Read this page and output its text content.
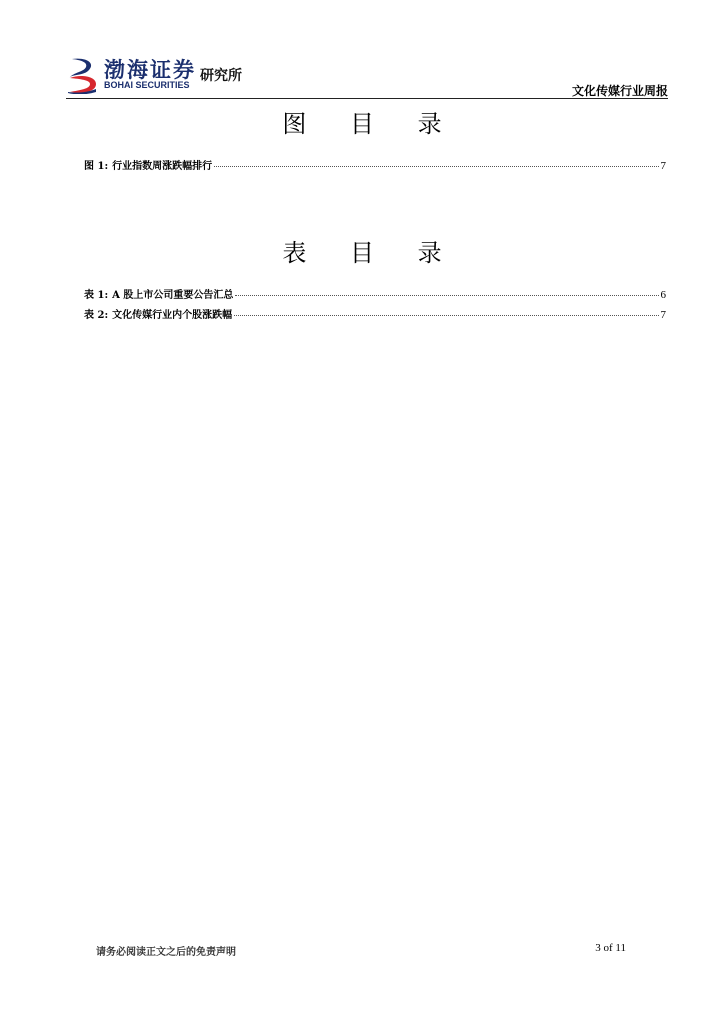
渤海证券
BOHAI SECURITIES
研究所
文化传媒行业周报
图 目 录
图 1: 行业指数周涨跌幅排行	7
表 目 录
表 1: A 股上市公司重要公告汇总	6
表 2: 文化传媒行业内个股涨跌幅	7
请务必阅读正文之后的免责声明	3 of 11
